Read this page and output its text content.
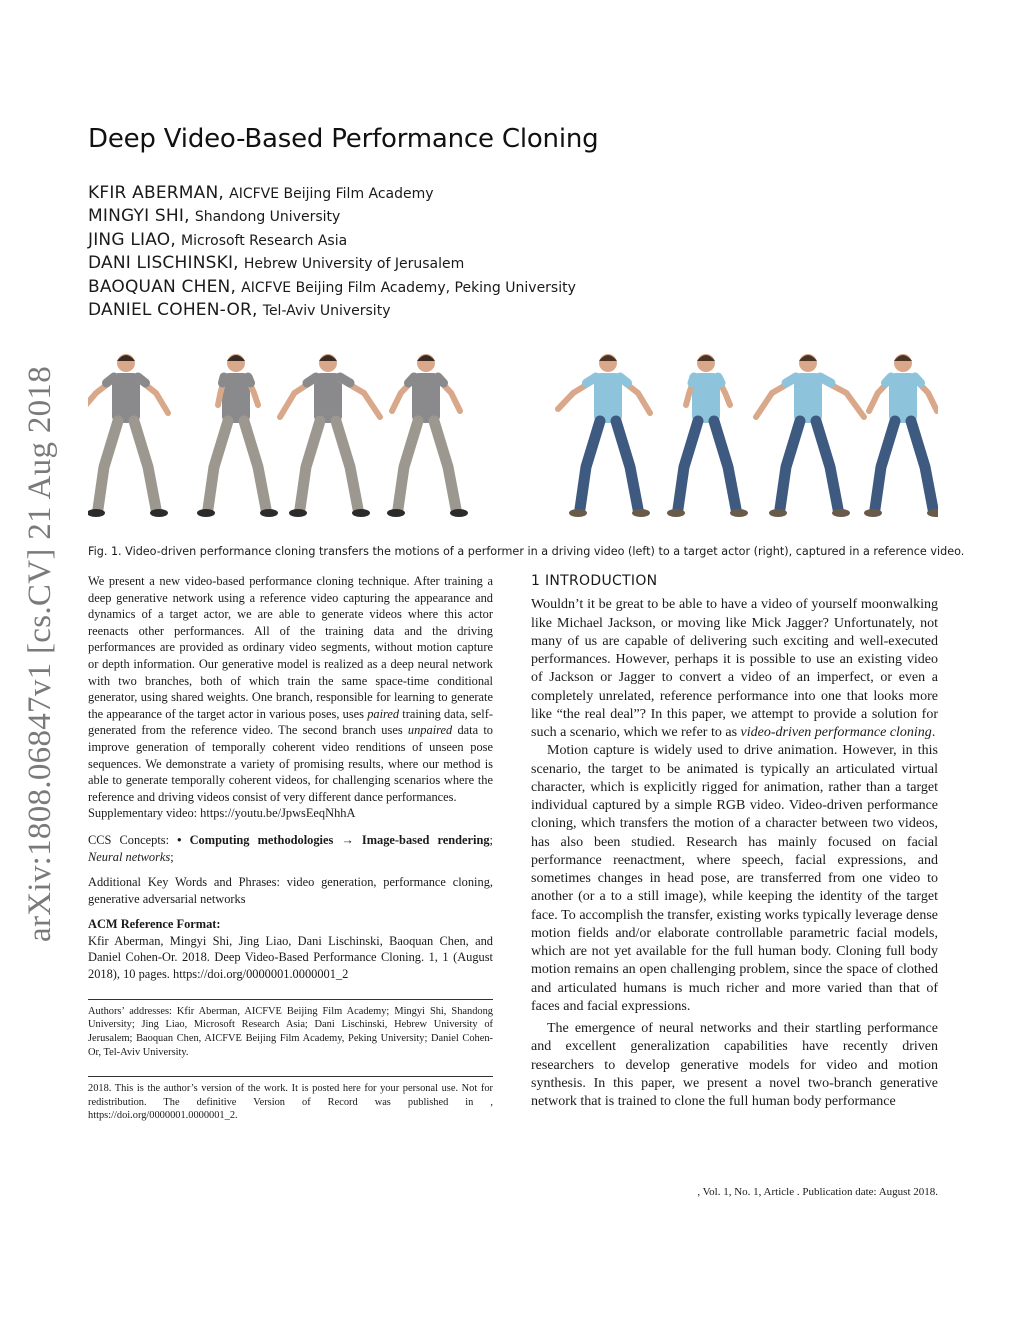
arXiv:1808.06847v1 [cs.CV] 21 Aug 2018
Deep Video-Based Performance Cloning
KFIR ABERMAN, AICFVE Beijing Film Academy
MINGYI SHI, Shandong University
JING LIAO, Microsoft Research Asia
DANI LISCHINSKI, Hebrew University of Jerusalem
BAOQUAN CHEN, AICFVE Beijing Film Academy, Peking University
DANIEL COHEN-OR, Tel-Aviv University
Fig. 1. Video-driven performance cloning transfers the motions of a performer in a driving video (left) to a target actor (right), captured in a reference video.

We present a new video-based performance cloning technique. After training a deep generative network using a reference video capturing the appearance and dynamics of a target actor, we are able to generate videos where this actor reenacts other performances. All of the training data and the driving performances are provided as ordinary video segments, without motion capture or depth information. Our generative model is realized as a deep neural network with two branches, both of which train the same space-time conditional generator, using shared weights. One branch, responsible for learning to generate the appearance of the target actor in various poses, uses paired training data, self-generated from the reference video. The second branch uses unpaired data to improve generation of temporally coherent video renditions of unseen pose sequences. We demonstrate a variety of promising results, where our method is able to generate temporally coherent videos, for challenging scenarios where the reference and driving videos consist of very different dance performances.

Supplementary video: https://youtu.be/JpwsEeqNhhA

CCS Concepts: • Computing methodologies → Image-based rendering; Neural networks;

Additional Key Words and Phrases: video generation, performance cloning, generative adversarial networks

ACM Reference Format:

Kfir Aberman, Mingyi Shi, Jing Liao, Dani Lischinski, Baoquan Chen, and Daniel Cohen-Or. 2018. Deep Video-Based Performance Cloning. 1, 1 (August 2018), 10 pages. https://doi.org/0000001.0000001_2

Authors’ addresses: Kfir Aberman, AICFVE Beijing Film Academy; Mingyi Shi, Shandong University; Jing Liao, Microsoft Research Asia; Dani Lischinski, Hebrew University of Jerusalem; Baoquan Chen, AICFVE Beijing Film Academy, Peking University; Daniel Cohen-Or, Tel-Aviv University.

2018. This is the author’s version of the work. It is posted here for your personal use. Not for redistribution. The definitive Version of Record was published in , https://doi.org/0000001.0000001_2.

1 INTRODUCTION

Wouldn’t it be great to be able to have a video of yourself moonwalking like Michael Jackson, or moving like Mick Jagger? Unfortunately, not many of us are capable of delivering such exciting and well-executed performances. However, perhaps it is possible to use an existing video of Jackson or Jagger to convert a video of an imperfect, or even a completely unrelated, reference performance into one that looks more like “the real deal”? In this paper, we attempt to provide a solution for such a scenario, which we refer to as video-driven performance cloning.

Motion capture is widely used to drive animation. However, in this scenario, the target to be animated is typically an articulated virtual character, which is explicitly rigged for animation, rather than a target individual captured by a simple RGB video. Video-driven performance cloning, which transfers the motion of a character between two videos, has also been studied. Research has mainly focused on facial performance reenactment, where speech, facial expressions, and sometimes changes in head pose, are transferred from one video to another (or a to a still image), while keeping the identity of the target face. To accomplish the transfer, existing works typically leverage dense motion fields and/or elaborate controllable parametric facial models, which are not yet available for the full human body. Cloning full body motion remains an open challenging problem, since the space of clothed and articulated humans is much richer and more varied than that of faces and facial expressions.

The emergence of neural networks and their startling performance and excellent generalization capabilities have recently driven researchers to develop generative models for video and motion synthesis. In this paper, we present a novel two-branch generative network that is trained to clone the full human body performance

, Vol. 1, No. 1, Article . Publication date: August 2018.
